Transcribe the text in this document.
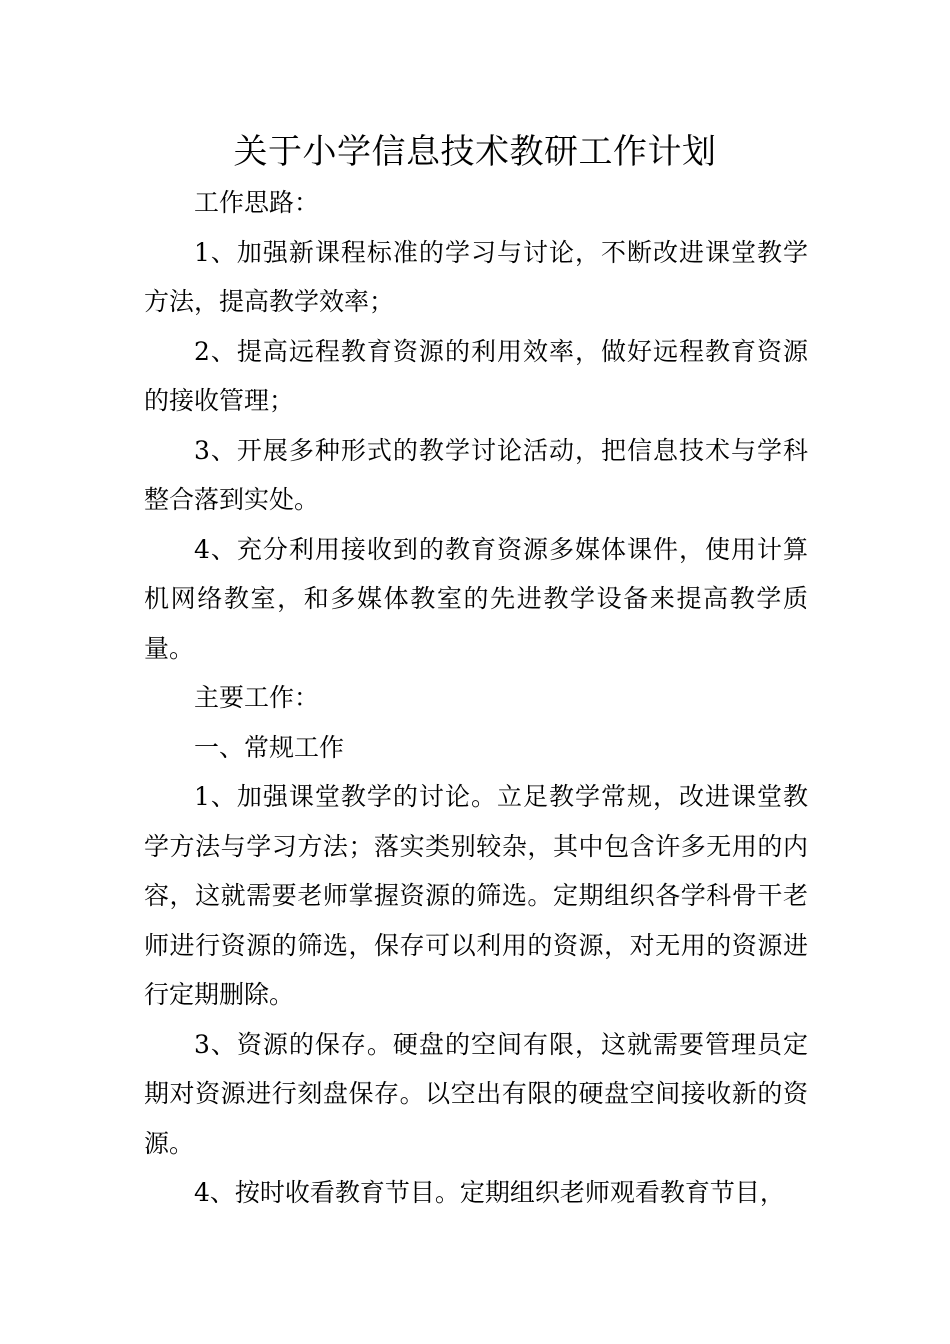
关于小学信息技术教研工作计划

工作思路：

1、加强新课程标准的学习与讨论，不断改进课堂教学方法，提高教学效率；

2、提高远程教育资源的利用效率，做好远程教育资源的接收管理；

3、开展多种形式的教学讨论活动，把信息技术与学科整合落到实处。

4、充分利用接收到的教育资源多媒体课件，使用计算机网络教室，和多媒体教室的先进教学设备来提高教学质量。

主要工作：

一、常规工作

1、加强课堂教学的讨论。立足教学常规，改进课堂教学方法与学习方法；落实类别较杂，其中包含许多无用的内容，这就需要老师掌握资源的筛选。定期组织各学科骨干老师进行资源的筛选，保存可以利用的资源，对无用的资源进行定期删除。

3、资源的保存。硬盘的空间有限，这就需要管理员定期对资源进行刻盘保存。以空出有限的硬盘空间接收新的资源。

4、按时收看教育节目。定期组织老师观看教育节目，
